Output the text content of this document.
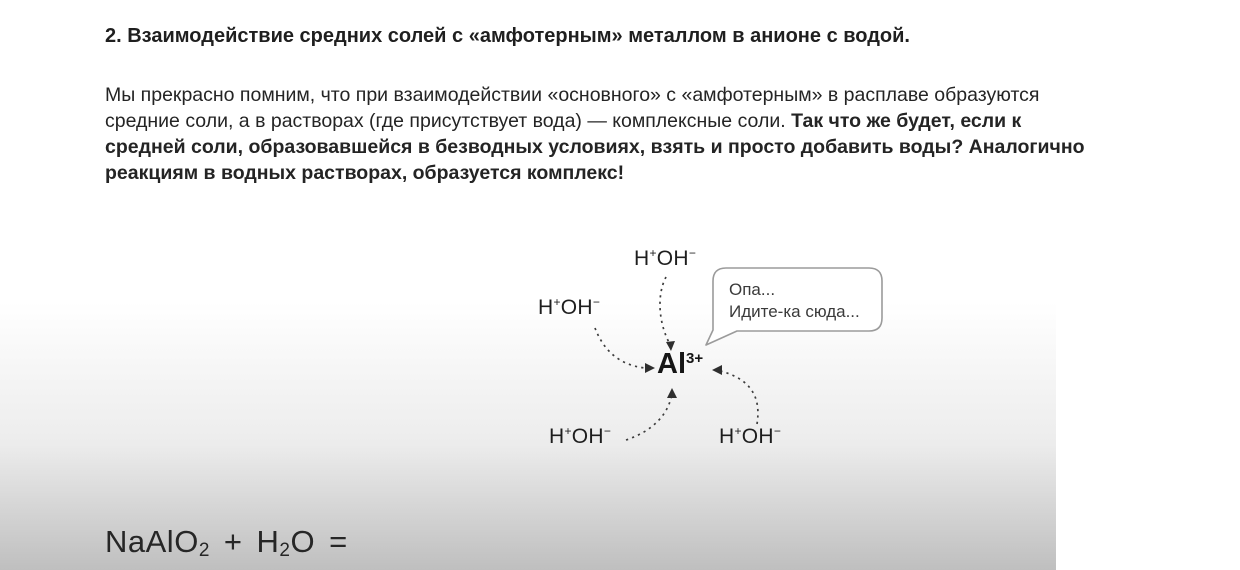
2. Взаимодействие средних солей с «амфотерным» металлом в анионе с водой.
Мы прекрасно помним, что при взаимодействии «основного» с «амфотерным» в расплаве образуются
средние соли, а в растворах (где присутствует вода) — комплексные соли. Так что же будет, если к
средней соли, образовавшейся в безводных условиях, взять и просто добавить воды? Аналогично
реакциям в водных растворах, образуется комплекс!
H+OH−
H+OH−
H+OH−	H+OH−
$Al^{3+}$
Опа...
Идите-ка сюда...
NaAlO$_2$ + $H_2O$ =
